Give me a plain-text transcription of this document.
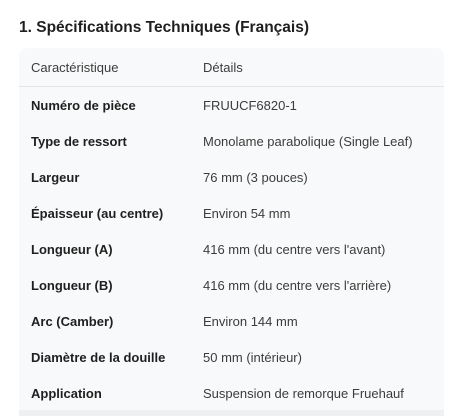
1. Spécifications Techniques (Français)
Caractéristique	Détails
Numéro de pièce	FRUUCF6820-1
Type de ressort	Monolame parabolique (Single Leaf)
Largeur	76 mm (3 pouces)
Épaisseur (au centre)	Environ 54 mm
Longueur (A)	416 mm (du centre vers l'avant)
Longueur (B)	416 mm (du centre vers l'arrière)
Arc (Camber)	Environ 144 mm
Diamètre de la douille	50 mm (intérieur)
Application	Suspension de remorque Fruehauf
